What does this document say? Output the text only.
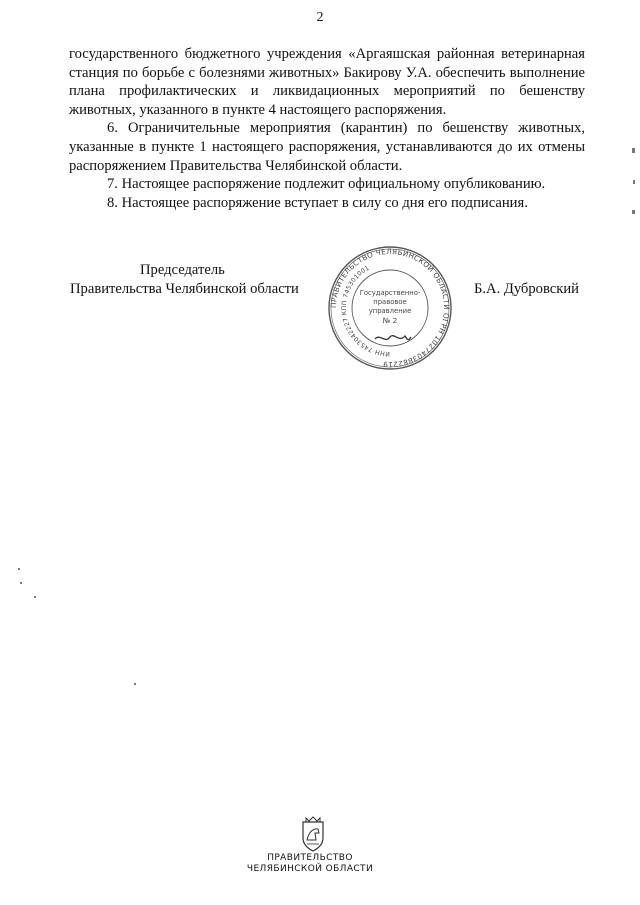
2

государственного бюджетного учреждения «Аргаяшская районная ветеринарная станция по борьбе с болезнями животных» Бакирову У.А. обеспечить выполнение плана профилактических и ликвидационных мероприятий по бешенству животных, указанного в пункте 4 настоящего распоряжения.

6. Ограничительные мероприятия (карантин) по бешенству животных, указанные в пункте 1 настоящего распоряжения, устанавливаются до их отмены распоряжением Правительства Челябинской области.

7. Настоящее распоряжение подлежит официальному опубликованию.

8. Настоящее распоряжение вступает в силу со дня его подписания.

Председатель
Правительства Челябинской области	Б.А. Дубровский
ПРАВИТЕЛЬСТВО ЧЕЛЯБИНСКОЙ ОБЛАСТИ ОГРН 1027403882219
ИНН 7453042227 КПП 745301001
Государственно-
правовое
управление
№ 2
ПРАВИТЕЛЬСТВО
ЧЕЛЯБИНСКОЙ ОБЛАСТИ
